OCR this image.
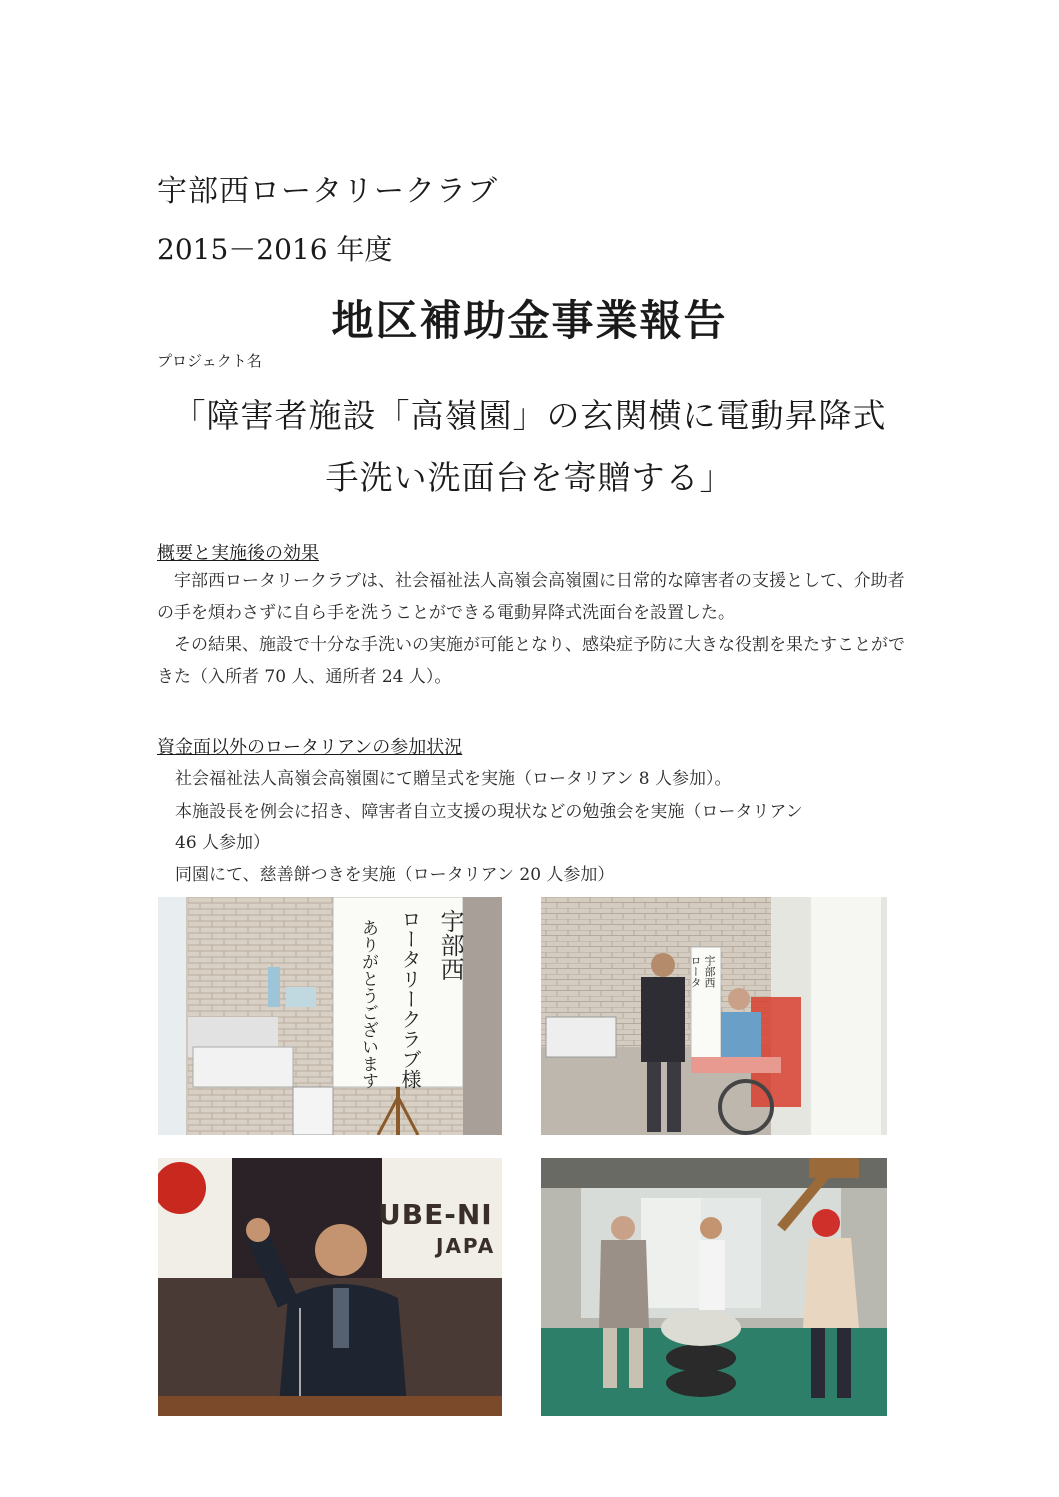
宇部西ロータリークラブ
2015－2016 年度
地区補助金事業報告
プロジェクト名
「障害者施設「高嶺園」の玄関横に電動昇降式
手洗い洗面台を寄贈する」
概要と実施後の効果
宇部西ロータリークラブは、社会福祉法人高嶺会高嶺園に日常的な障害者の支援として、介助者の手を煩わさずに自ら手を洗うことができる電動昇降式洗面台を設置した。
その結果、施設で十分な手洗いの実施が可能となり、感染症予防に大きな役割を果たすことができた（入所者 70 人、通所者 24 人）。
資金面以外のロータリアンの参加状況
社会福祉法人高嶺会高嶺園にて贈呈式を実施（ロータリアン 8 人参加）。
本施設長を例会に招き、障害者自立支援の現状などの勉強会を実施（ロータリアン
46 人参加）
同園にて、慈善餅つきを実施（ロータリアン 20 人参加）
宇部西
ロータリークラブ様
ありがとうございます	宇部西
ロータ
UBE-NI
JAPA
